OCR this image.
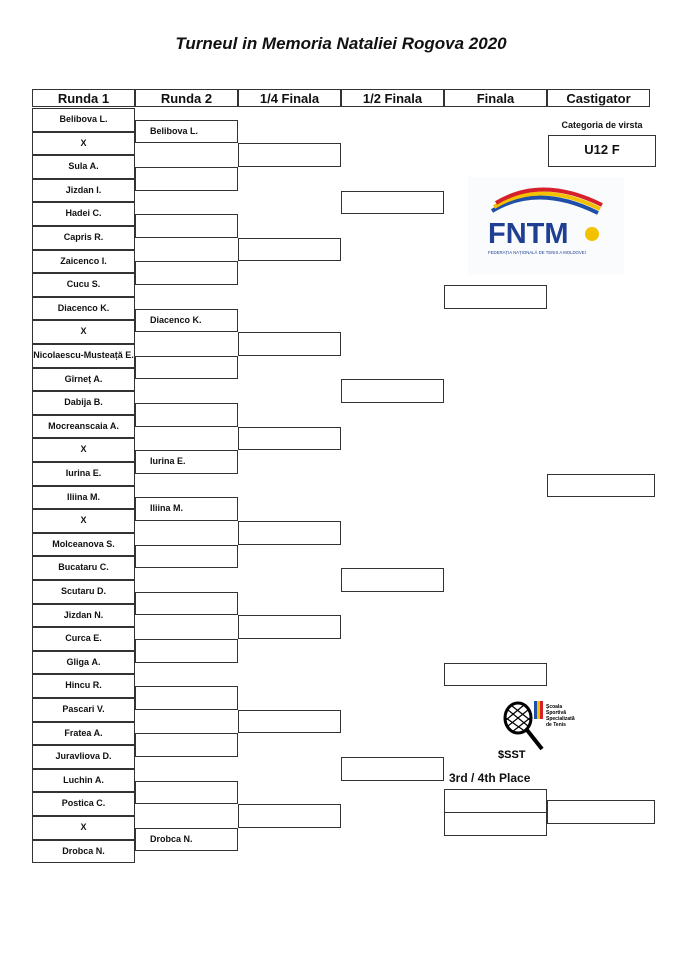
Turneul in Memoria Nataliei Rogova 2020
Runda 1	Runda 2	1/4 Finala	1/2 Finala	Finala	Castigator
Belibova L.
X
Sula A.
Jizdan I.
Hadei C.
Capris R.
Zaicenco I.
Cucu S.
Diacenco K.
X
Nicolaescu-Musteață E.
Gîrneț A.
Dabija B.
Mocreanscaia A.
X
Iurina E.
Iliina M.
X
Molceanova S.
Bucataru C.
Scutaru D.
Jizdan N.
Curca E.
Gligа A.
Hincu R.
Pascari V.
Fratea A.
Juravliova D.
Luchin A.
Postica C.
X
Drobca N.
Belibova L.
Diacenco K.
Iurina E.
Iliina M.
Drobca N.
Categoria de virsta
U12 F
FNTM
FEDERAȚIA NAȚIONALĂ DE TENIS A MOLDOVEI
Școala
Sportivă
Specializată
de Tenis
$SST
3rd / 4th Place
